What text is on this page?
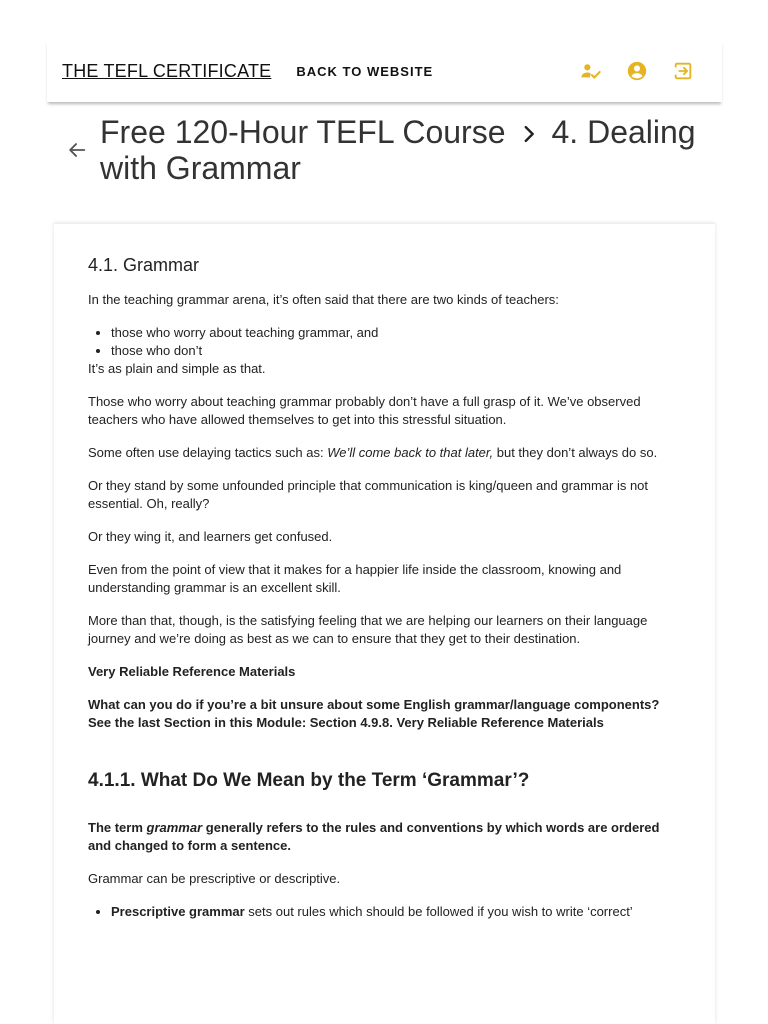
THE TEFL CERTIFICATE BACK TO WEBSITE
Free 120-Hour TEFL Course 4. Dealing with Grammar
4.1. Grammar

In the teaching grammar arena, it’s often said that there are two kinds of teachers:

• those who worry about teaching grammar, and
• those who don’t

It’s as plain and simple as that.

Those who worry about teaching grammar probably don’t have a full grasp of it. We’ve observed teachers who have allowed themselves to get into this stressful situation.

Some often use delaying tactics such as: We’ll come back to that later, but they don’t always do so.

Or they stand by some unfounded principle that communication is king/queen and grammar is not essential. Oh, really?

Or they wing it, and learners get confused.

Even from the point of view that it makes for a happier life inside the classroom, knowing and understanding grammar is an excellent skill.

More than that, though, is the satisfying feeling that we are helping our learners on their language journey and we’re doing as best as we can to ensure that they get to their destination.

Very Reliable Reference Materials

What can you do if you’re a bit unsure about some English grammar/language components? See the last Section in this Module: Section 4.9.8. Very Reliable Reference Materials

4.1.1. What Do We Mean by the Term ‘Grammar’?

The term grammar generally refers to the rules and conventions by which words are ordered and changed to form a sentence.

Grammar can be prescriptive or descriptive.

• Prescriptive grammar sets out rules which should be followed if you wish to write ‘correct’
